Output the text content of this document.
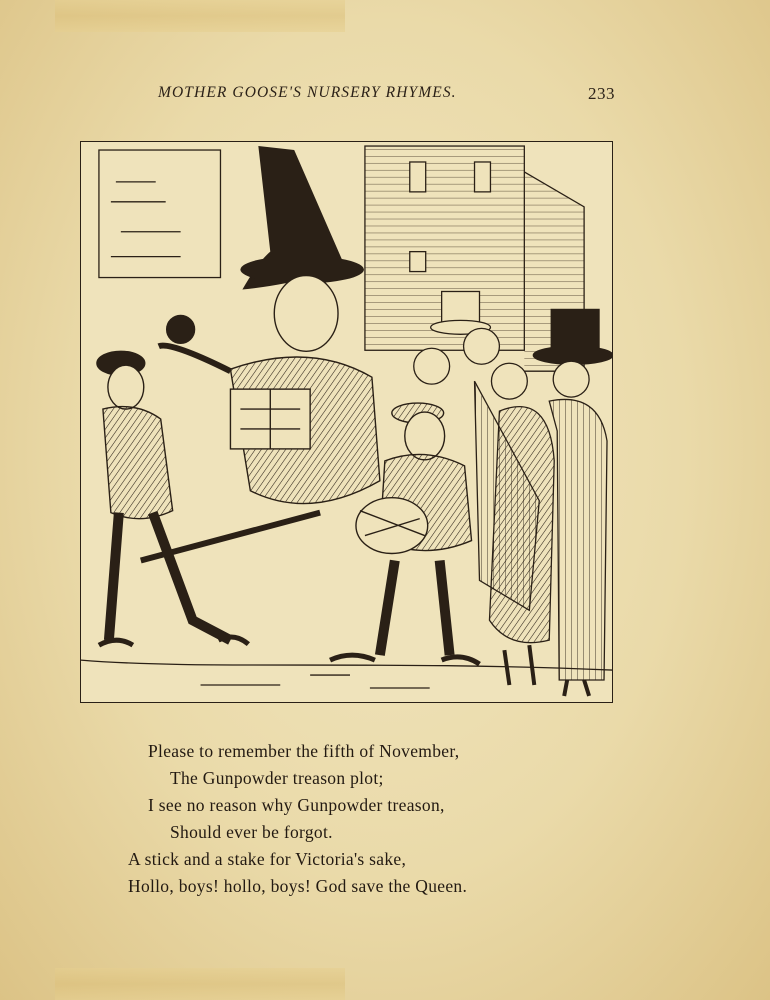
MOTHER GOOSE'S NURSERY RHYMES.	233
Please to remember the fifth of November,
The Gunpowder treason plot;
I see no reason why Gunpowder treason,
Should ever be forgot.
A stick and a stake for Victoria's sake,
Hollo, boys! hollo, boys! God save the Queen.
